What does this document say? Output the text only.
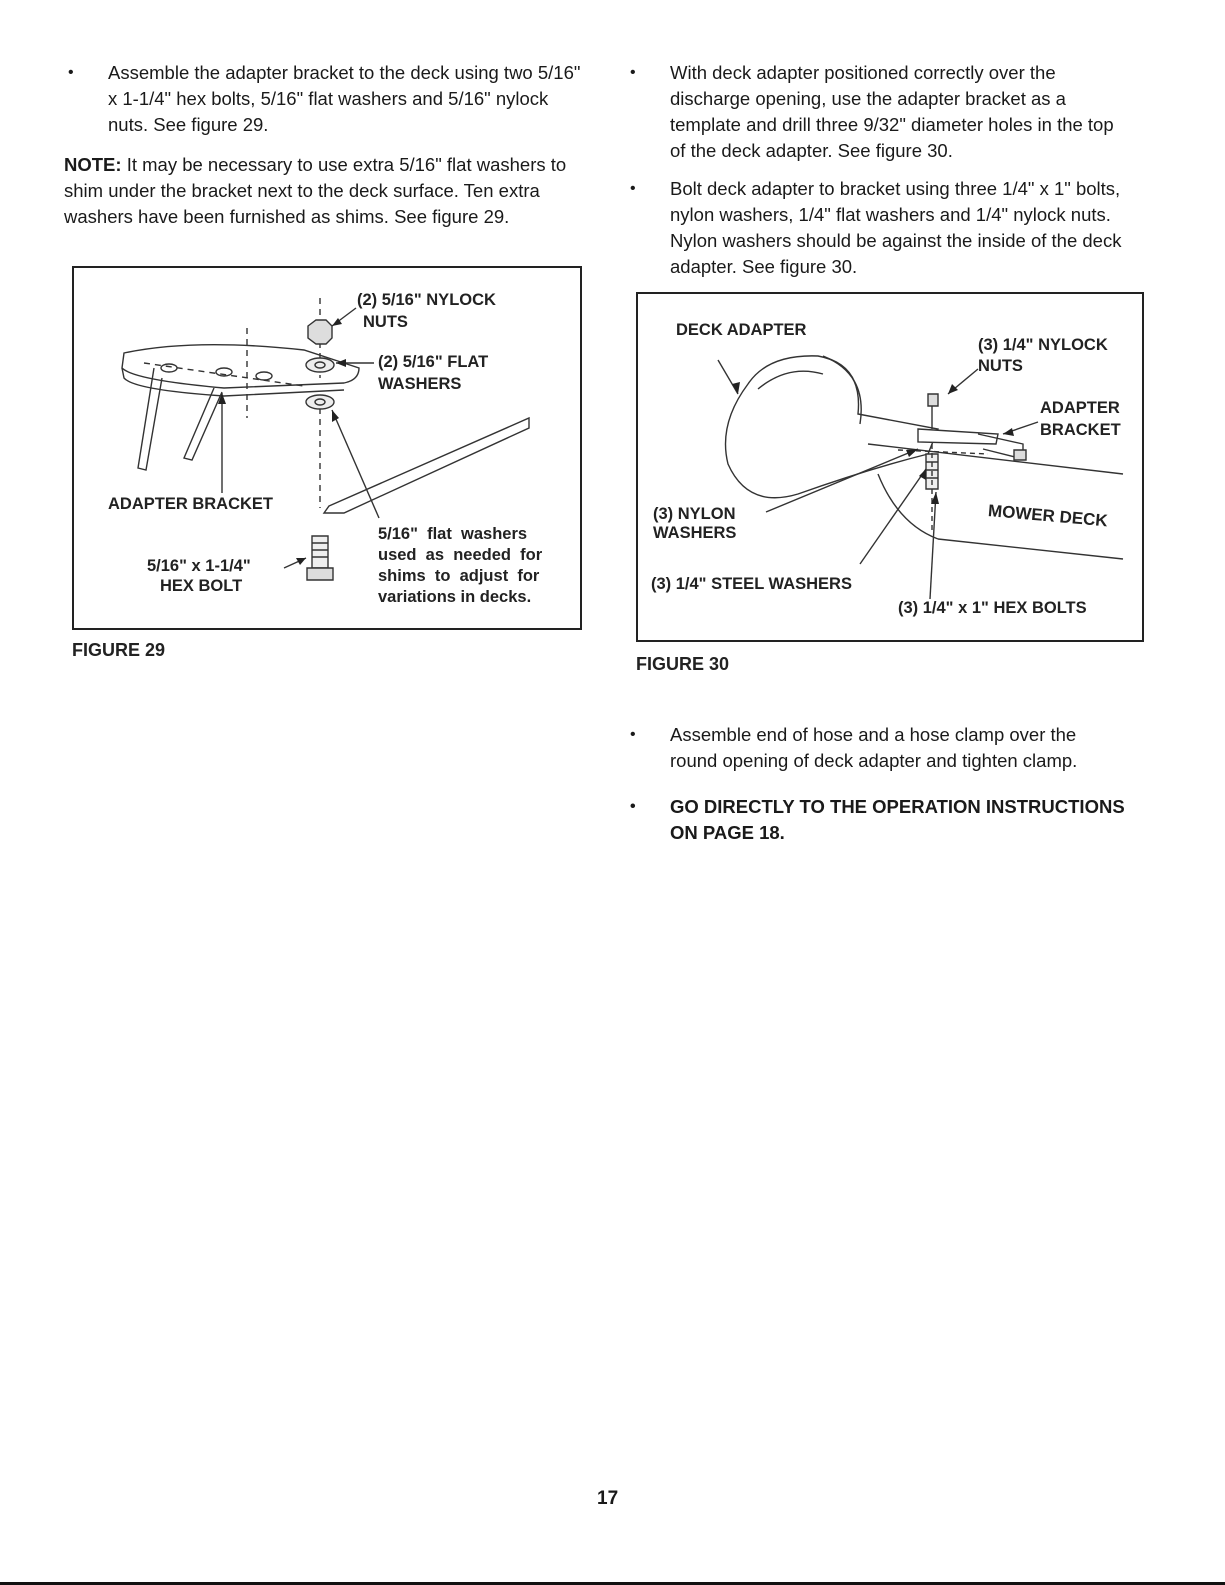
• Assemble the adapter bracket to the deck using two 5/16" x 1-1/4" hex bolts, 5/16" flat washers and 5/16" nylock nuts. See figure 29.
NOTE: It may be necessary to use extra 5/16" flat washers to shim under the bracket next to the deck surface. Ten extra washers have been furnished as shims. See figure 29.
(2) 5/16" NYLOCK
NUTS
(2) 5/16" FLAT
WASHERS
ADAPTER BRACKET
5/16" x 1-1/4"
HEX BOLT
5/16"  flat  washers
used  as  needed  for
shims  to  adjust  for
variations in decks.
FIGURE 29
• With deck adapter positioned correctly over the discharge opening, use the adapter bracket as a template and drill three 9/32" diameter holes in the top of the deck adapter. See figure 30.
• Bolt deck adapter to bracket using three 1/4" x 1" bolts, nylon washers, 1/4" flat washers and 1/4" nylock nuts. Nylon washers should be against the inside of the deck adapter. See figure 30.
DECK ADAPTER
(3) 1/4" NYLOCK
NUTS
ADAPTER
BRACKET
(3) NYLON
WASHERS
MOWER DECK
(3) 1/4" STEEL WASHERS
(3) 1/4" x 1" HEX BOLTS
FIGURE 30
• Assemble end of hose and a hose clamp over the round opening of deck adapter and tighten clamp.
• GO DIRECTLY TO THE OPERATION INSTRUCTIONS ON PAGE 18.
17
